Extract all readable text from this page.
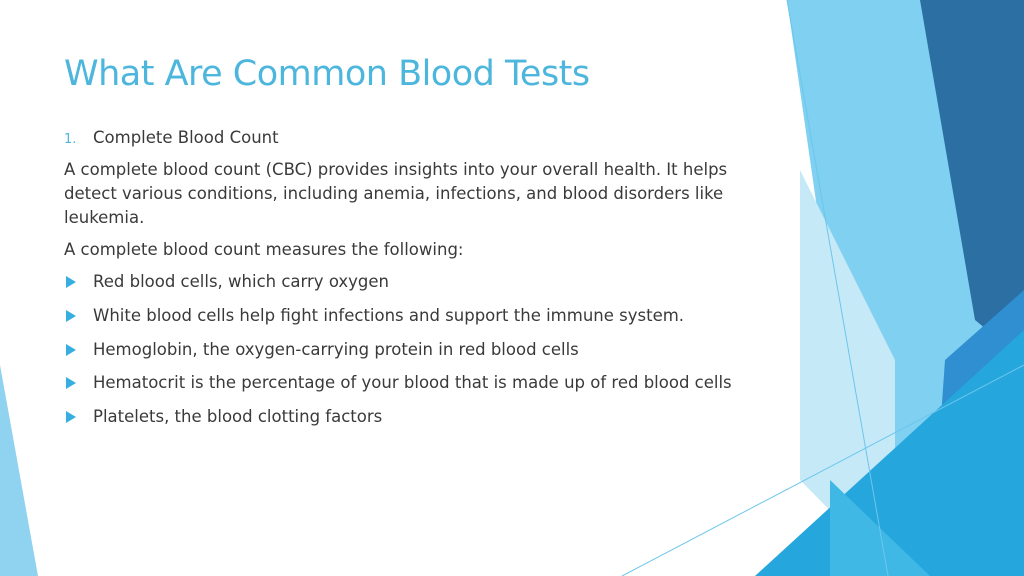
What Are Common Blood Tests
1.	Complete Blood Count

A complete blood count (CBC) provides insights into your overall health. It helps detect various conditions, including anemia, infections, and blood disorders like leukemia.

A complete blood count measures the following:

Red blood cells, which carry oxygen
White blood cells help fight infections and support the immune system.
Hemoglobin, the oxygen-carrying protein in red blood cells
Hematocrit is the percentage of your blood that is made up of red blood cells
Platelets, the blood clotting factors
